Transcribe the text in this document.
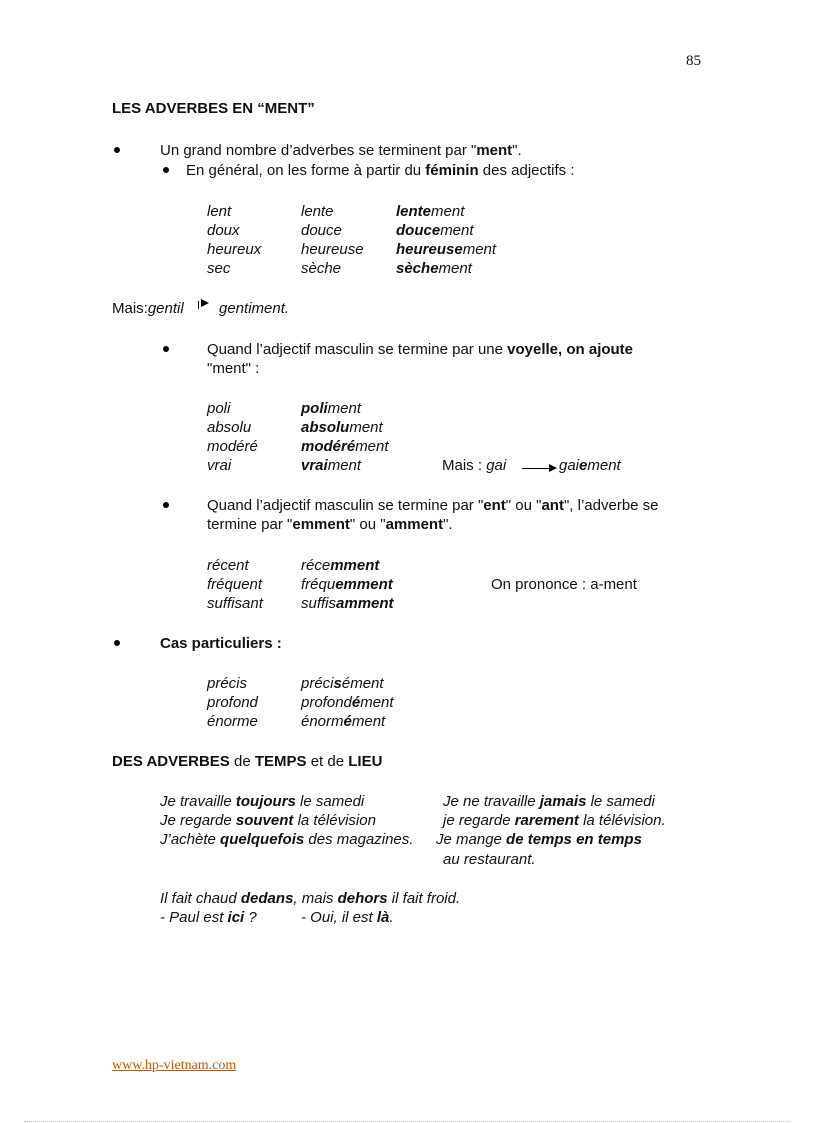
85
LES ADVERBES EN “MENT”
Un grand nombre d’adverbes se terminent par "ment".
En général, on les forme à partir du féminin des adjectifs :
lent	lente	lentement
doux	douce	doucement
heureux	heureuse heureusement
sec	sèche	sèchement
Mais:gentil gentiment.
Quand l’adjectif masculin se termine par une voyelle, on ajoute
"ment" :
poli	poliment
absolu	absolument
modéré	modérément
vrai	vraiment	Mais : gai	gaiement
Quand l’adjectif masculin se termine par "ent" ou "ant", l’adverbe se
termine par "emment" ou "amment".
récent	récemment
fréquent	fréquemment
suffisant	suffisamment
On prononce : a-ment
Cas particuliers :
précis	précisément
profond	profondément
énorme	énormément
DES ADVERBES de TEMPS et de LIEU
Je travaille toujours le samedi	Je ne travaille jamais le samedi
Je regarde souvent la télévision	je regarde rarement la télévision.
J’achète quelquefois des magazines. Je mange de temps en temps
au restaurant.
Il fait chaud dedans, mais dehors il fait froid.
- Paul est ici ?	- Oui, il est là.
www.hp-vietnam.com
